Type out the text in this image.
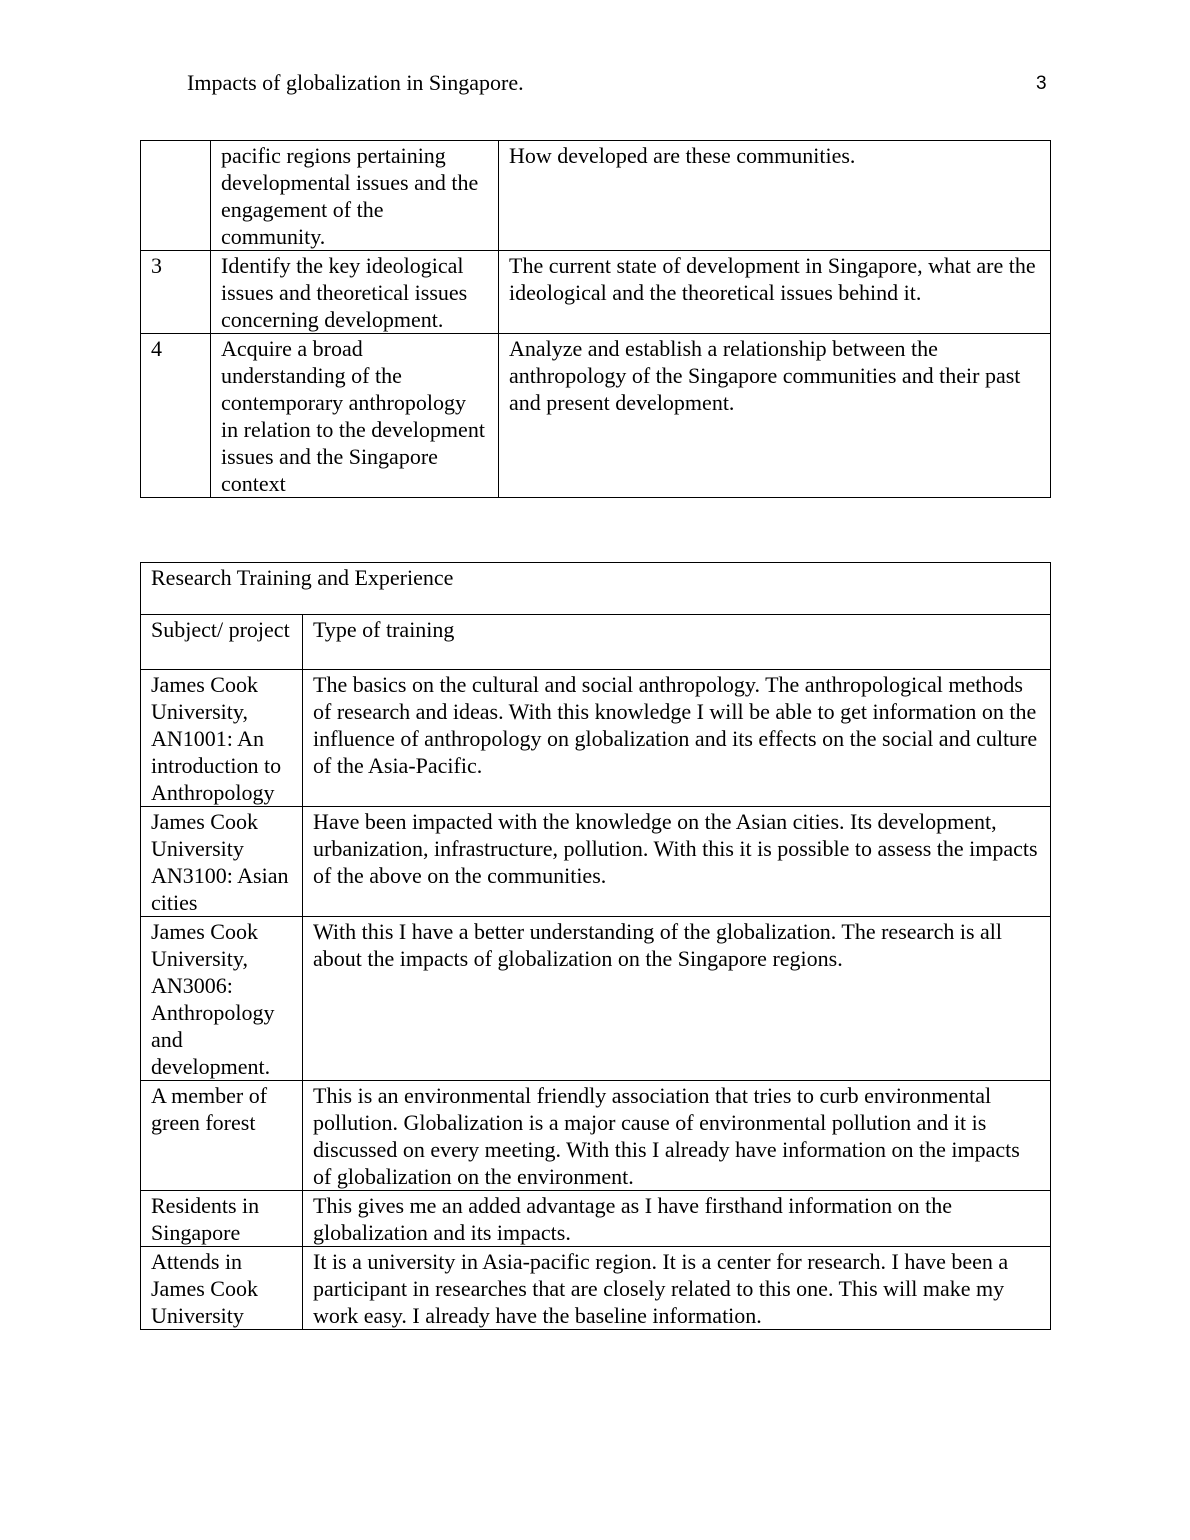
Impacts of globalization in Singapore.	3
	pacific regions pertaining developmental issues and the engagement of the community.	How developed are these communities.
3	Identify the key ideological issues and theoretical issues concerning development.	The current state of development in Singapore, what are the ideological and the theoretical issues behind it.
4	Acquire a broad understanding of the contemporary anthropology in relation to the development issues and the Singapore context	Analyze and establish a relationship between the anthropology of the Singapore communities and their past and present development.
Research Training and Experience	
Subject/ project	Type of training
James Cook University, AN1001: An introduction to Anthropology	The basics on the cultural and social anthropology. The anthropological methods of research and ideas. With this knowledge I will be able to get information on the influence of anthropology on globalization and its effects on the social and culture of the Asia-Pacific.
James Cook University AN3100: Asian cities	Have been impacted with the knowledge on the Asian cities. Its development, urbanization, infrastructure, pollution. With this it is possible to assess the impacts of the above on the communities.
James Cook University, AN3006: Anthropology and development.	With this I have a better understanding of the globalization. The research is all about the impacts of globalization on the Singapore regions.
A member of green forest	This is an environmental friendly association that tries to curb environmental pollution. Globalization is a major cause of environmental pollution and it is discussed on every meeting. With this I already have information on the impacts of globalization on the environment.
Residents in Singapore	This gives me an added advantage as I have firsthand information on the globalization and its impacts.
Attends in James Cook University	It is a university in Asia-pacific region. It is a center for research. I have been a participant in researches that are closely related to this one. This will make my work easy. I already have the baseline information.
